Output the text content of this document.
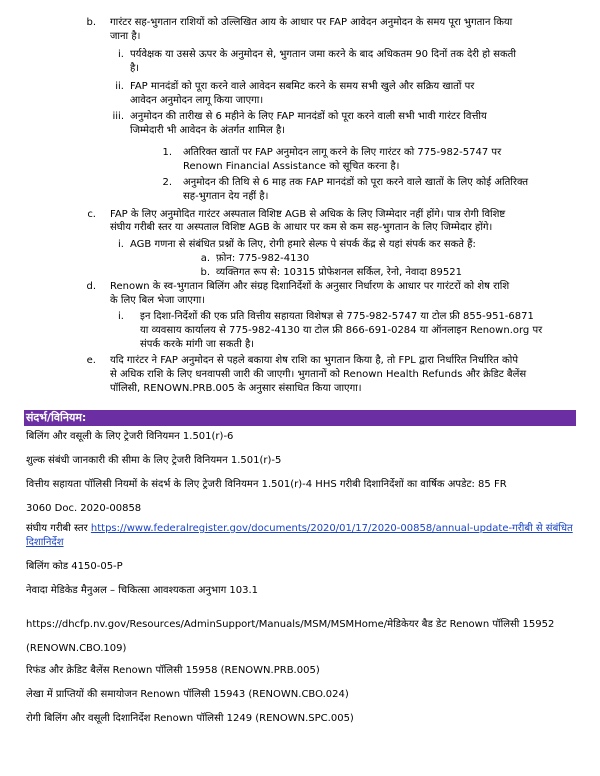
b. गारंटर सह-भुगतान राशियों को उल्लिखित आय के आधार पर FAP आवेदन अनुमोदन के समय पूरा भुगतान किया
जाना है।
i. पर्यवेक्षक या उससे ऊपर के अनुमोदन से, भुगतान जमा करने के बाद अधिकतम 90 दिनों तक देरी हो सकती
है।
ii. FAP मानदंडों को पूरा करने वाले आवेदन सबमिट करने के समय सभी खुले और सक्रिय खातों पर
आवेदन अनुमोदन लागू किया जाएगा।
iii. अनुमोदन की तारीख से 6 महीने के लिए FAP मानदंडों को पूरा करने वाली सभी भावी गारंटर वित्तीय
जिम्मेदारी भी आवेदन के अंतर्गत शामिल है।
1. अतिरिक्त खातों पर FAP अनुमोदन लागू करने के लिए गारंटर को 775-982-5747 पर
Renown Financial Assistance को सूचित करना है।
2. अनुमोदन की तिथि से 6 माह तक FAP मानदंडों को पूरा करने वाले खातों के लिए कोई अतिरिक्त
सह-भुगतान देय नहीं है।
c. FAP के लिए अनुमोदित गारंटर अस्पताल विशिष्ट AGB से अधिक के लिए जिम्मेदार नहीं होंगे। पात्र रोगी विशिष्ट
संघीय गरीबी स्तर या अस्पताल विशिष्ट AGB के आधार पर कम से कम सह-भुगतान के लिए जिम्मेदार होंगे।
i. AGB गणना से संबंधित प्रश्नों के लिए, रोगी हमारे सेल्फ पे संपर्क केंद्र से यहां संपर्क कर सकते हैं:
a. फ़ोन: 775-982-4130
b. व्यक्तिगत रूप से: 10315 प्रोफेशनल सर्किल, रेनो, नेवादा 89521
d. Renown के स्व-भुगतान बिलिंग और संग्रह दिशानिर्देशों के अनुसार निर्धारण के आधार पर गारंटरों को शेष राशि
के लिए बिल भेजा जाएगा।
i. इन दिशा-निर्देशों की एक प्रति वित्तीय सहायता विशेषज्ञ से 775-982-5747 या टोल फ्री 855-951-6871
या व्यवसाय कार्यालय से 775-982-4130 या टोल फ्री 866-691-0284 या ऑनलाइन Renown.org पर
संपर्क करके मांगी जा सकती है।
e. यदि गारंटर ने FAP अनुमोदन से पहले बकाया शेष राशि का भुगतान किया है, तो FPL द्वारा निर्धारित निर्धारित कोपे
से अधिक राशि के लिए धनवापसी जारी की जाएगी। भुगतानों को Renown Health Refunds और क्रेडिट बैलेंस
पॉलिसी, RENOWN.PRB.005 के अनुसार संसाधित किया जाएगा।
संदर्भ/विनियम:
बिलिंग और वसूली के लिए ट्रेजरी विनियमन 1.501(r)-6
शुल्क संबंधी जानकारी की सीमा के लिए ट्रेजरी विनियमन 1.501(r)-5
वित्तीय सहायता पॉलिसी नियमों के संदर्भ के लिए ट्रेजरी विनियमन 1.501(r)-4 HHS गरीबी दिशानिर्देशों का वार्षिक अपडेट: 85 FR
3060 Doc. 2020-00858
संघीय गरीबी स्तर https://www.federalregister.gov/documents/2020/01/17/2020-00858/annual-update-गरीबी से संबंधित
दिशानिर्देश
बिलिंग कोड 4150-05-P
नेवादा मेडिकेड मैनुअल – चिकित्सा आवश्यकता अनुभाग 103.1
https://dhcfp.nv.gov/Resources/AdminSupport/Manuals/MSM/MSMHome/मेडिकेयर बैड डेट Renown पॉलिसी 15952
(RENOWN.CBO.109)
रिफंड और क्रेडिट बैलेंस Renown पॉलिसी 15958 (RENOWN.PRB.005)
लेखा में प्राप्तियों की समायोजन Renown पॉलिसी 15943 (RENOWN.CBO.024)
रोगी बिलिंग और वसूली दिशानिर्देश Renown पॉलिसी 1249 (RENOWN.SPC.005)
